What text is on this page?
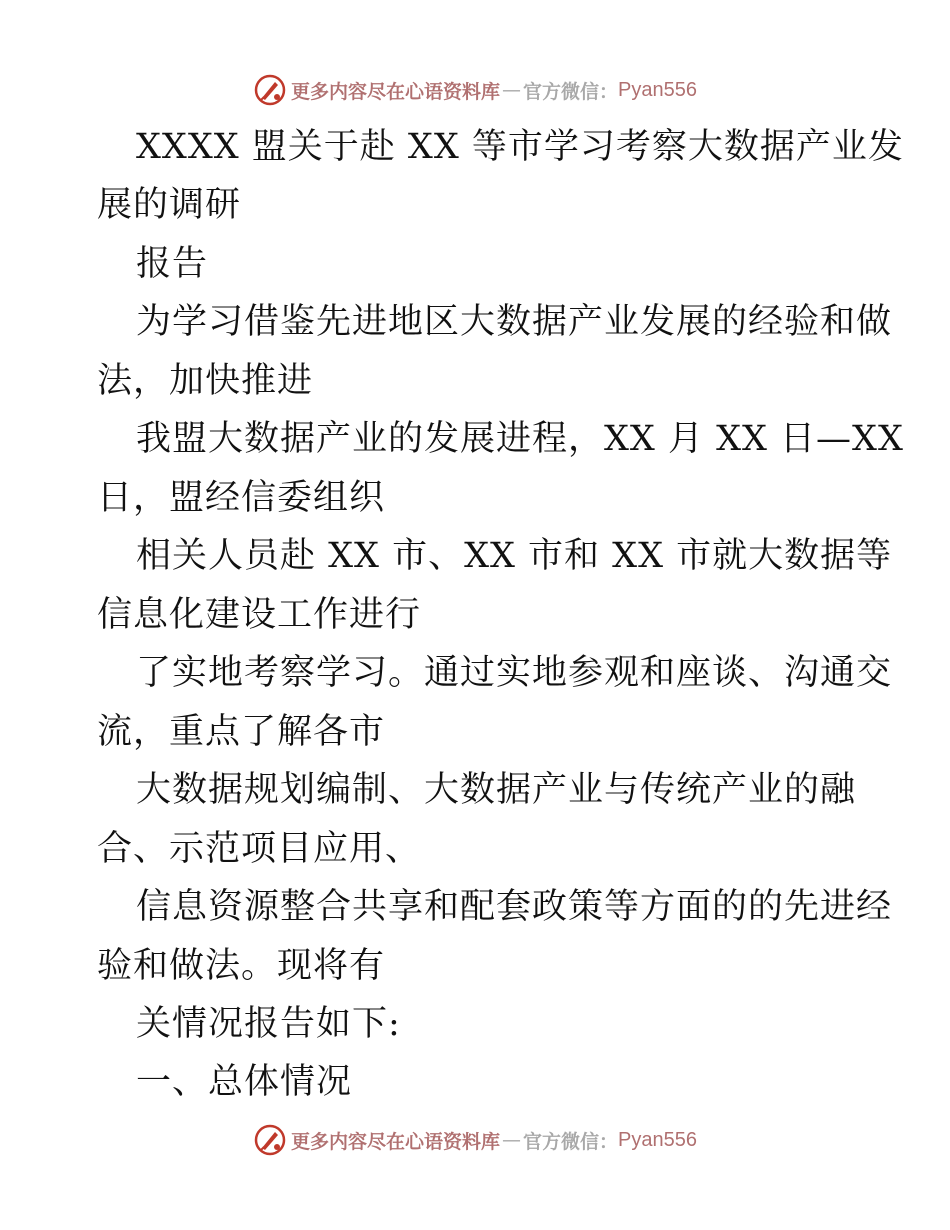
更多内容尽在心语资料库 — 官方微信： Pyan556
XXXX 盟关于赴 XX 等市学习考察大数据产业发
展的调研
报告
为学习借鉴先进地区大数据产业发展的经验和做
法，加快推进
我盟大数据产业的发展进程，XX 月 XX 日—XX
日，盟经信委组织
相关人员赴 XX 市、XX 市和 XX 市就大数据等
信息化建设工作进行
了实地考察学习。通过实地参观和座谈、沟通交
流，重点了解各市
大数据规划编制、大数据产业与传统产业的融
合、示范项目应用、
信息资源整合共享和配套政策等方面的的先进经
验和做法。现将有
关情况报告如下:
一、总体情况
更多内容尽在心语资料库 — 官方微信： Pyan556
